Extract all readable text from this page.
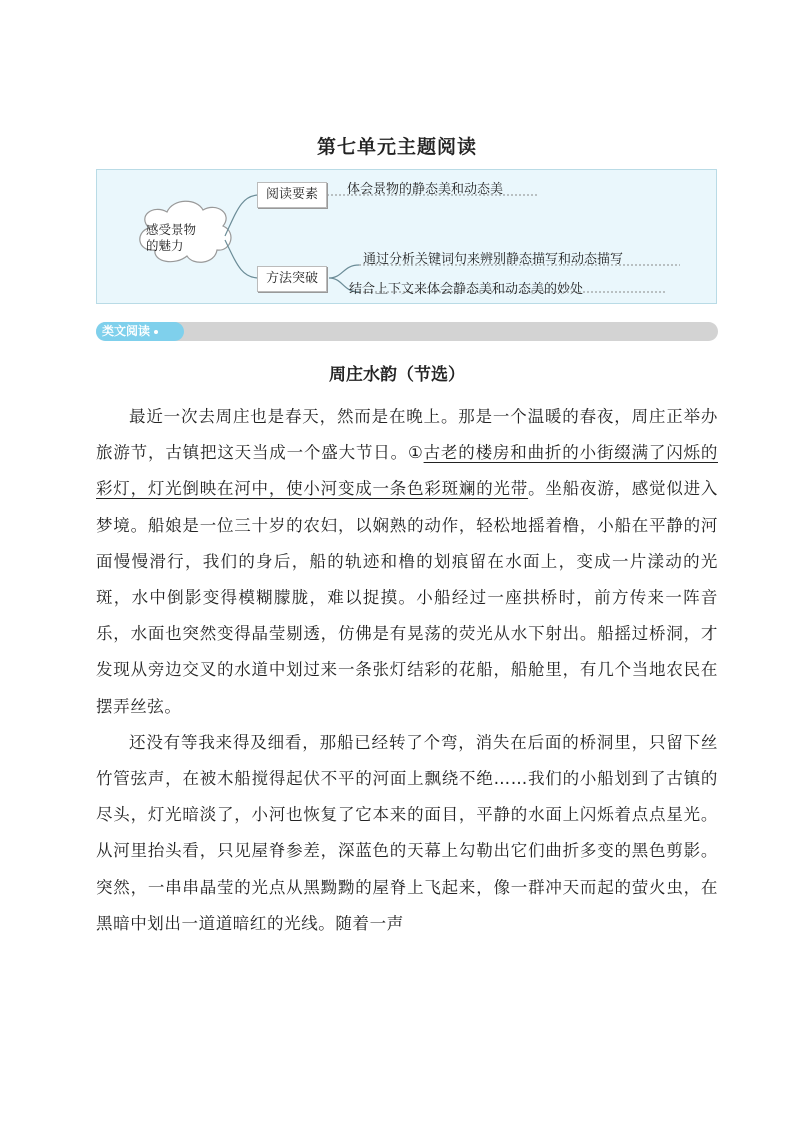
第七单元主题阅读
感受景物的魅力
阅读要素	体会景物的静态美和动态美
方法突破
通过分析关键词句来辨别静态描写和动态描写
结合上下文来体会静态美和动态美的妙处
类文阅读
周庄水韵（节选）

最近一次去周庄也是春天，然而是在晚上。那是一个温暖的春夜，周庄正举办旅游节，古镇把这天当成一个盛大节日。①古老的楼房和曲折的小街缀满了闪烁的彩灯，灯光倒映在河中，使小河变成一条色彩斑斓的光带。坐船夜游，感觉似进入梦境。船娘是一位三十岁的农妇，以娴熟的动作，轻松地摇着橹，小船在平静的河面慢慢滑行，我们的身后，船的轨迹和橹的划痕留在水面上，变成一片漾动的光斑，水中倒影变得模糊朦胧，难以捉摸。小船经过一座拱桥时，前方传来一阵音乐，水面也突然变得晶莹剔透，仿佛是有晃荡的荧光从水下射出。船摇过桥洞，才发现从旁边交叉的水道中划过来一条张灯结彩的花船，船舱里，有几个当地农民在摆弄丝弦。

还没有等我来得及细看，那船已经转了个弯，消失在后面的桥洞里，只留下丝竹管弦声，在被木船搅得起伏不平的河面上飘绕不绝……我们的小船划到了古镇的尽头，灯光暗淡了，小河也恢复了它本来的面目，平静的水面上闪烁着点点星光。从河里抬头看，只见屋脊参差，深蓝色的天幕上勾勒出它们曲折多变的黑色剪影。突然，一串串晶莹的光点从黑黝黝的屋脊上飞起来，像一群冲天而起的萤火虫，在黑暗中划出一道道暗红的光线。随着一声
